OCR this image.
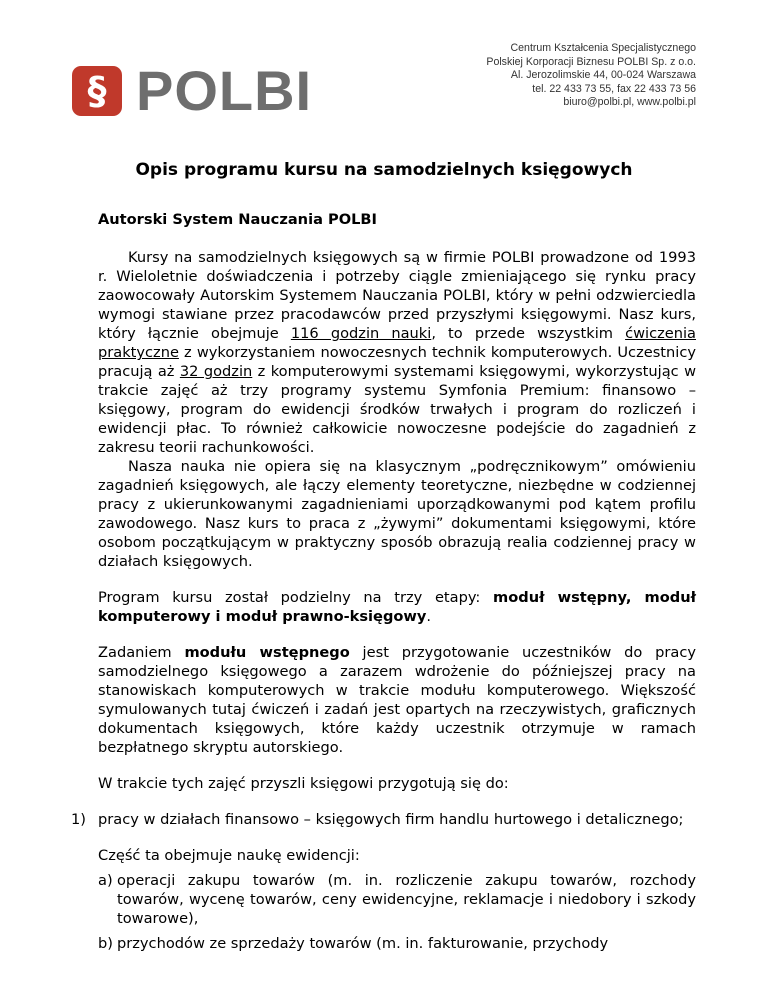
§ POLBI
Centrum Kształcenia Specjalistycznego
Polskiej Korporacji Biznesu POLBI Sp. z o.o.
Al. Jerozolimskie 44, 00-024 Warszawa
tel. 22 433 73 55, fax 22 433 73 56
biuro@polbi.pl, www.polbi.pl
Opis programu kursu na samodzielnych księgowych

Autorski System Nauczania POLBI

Kursy na samodzielnych księgowych są w firmie POLBI prowadzone od 1993 r. Wieloletnie doświadczenia i potrzeby ciągle zmieniającego się rynku pracy zaowocowały Autorskim Systemem Nauczania POLBI, który w pełni odzwierciedla wymogi stawiane przez pracodawców przed przyszłymi księgowymi. Nasz kurs, który łącznie obejmuje 116 godzin nauki, to przede wszystkim ćwiczenia praktyczne z wykorzystaniem nowoczesnych technik komputerowych. Uczestnicy pracują aż 32 godzin z komputerowymi systemami księgowymi, wykorzystując w trakcie zajęć aż trzy programy systemu Symfonia Premium: finansowo – księgowy, program do ewidencji środków trwałych i program do rozliczeń i ewidencji płac. To również całkowicie nowoczesne podejście do zagadnień z zakresu teorii rachunkowości.

Nasza nauka nie opiera się na klasycznym „podręcznikowym” omówieniu zagadnień księgowych, ale łączy elementy teoretyczne, niezbędne w codziennej pracy z ukierunkowanymi zagadnieniami uporządkowanymi pod kątem profilu zawodowego. Nasz kurs to praca z „żywymi” dokumentami księgowymi, które osobom początkującym w praktyczny sposób obrazują realia codziennej pracy w działach księgowych.

Program kursu został podzielny na trzy etapy: moduł wstępny, moduł komputerowy i moduł prawno-księgowy.

Zadaniem modułu wstępnego jest przygotowanie uczestników do pracy samodzielnego księgowego a zarazem wdrożenie do późniejszej pracy na stanowiskach komputerowych w trakcie modułu komputerowego. Większość symulowanych tutaj ćwiczeń i zadań jest opartych na rzeczywistych, graficznych dokumentach księgowych, które każdy uczestnik otrzymuje w ramach bezpłatnego skryptu autorskiego.

W trakcie tych zajęć przyszli księgowi przygotują się do:

1) pracy w działach finansowo – księgowych firm handlu hurtowego i detalicznego;

Część ta obejmuje naukę ewidencji:

a) operacji zakupu towarów (m. in. rozliczenie zakupu towarów, rozchody towarów, wycenę towarów, ceny ewidencyjne, reklamacje i niedobory i szkody towarowe),

b) przychodów ze sprzedaży towarów (m. in. fakturowanie, przychody
